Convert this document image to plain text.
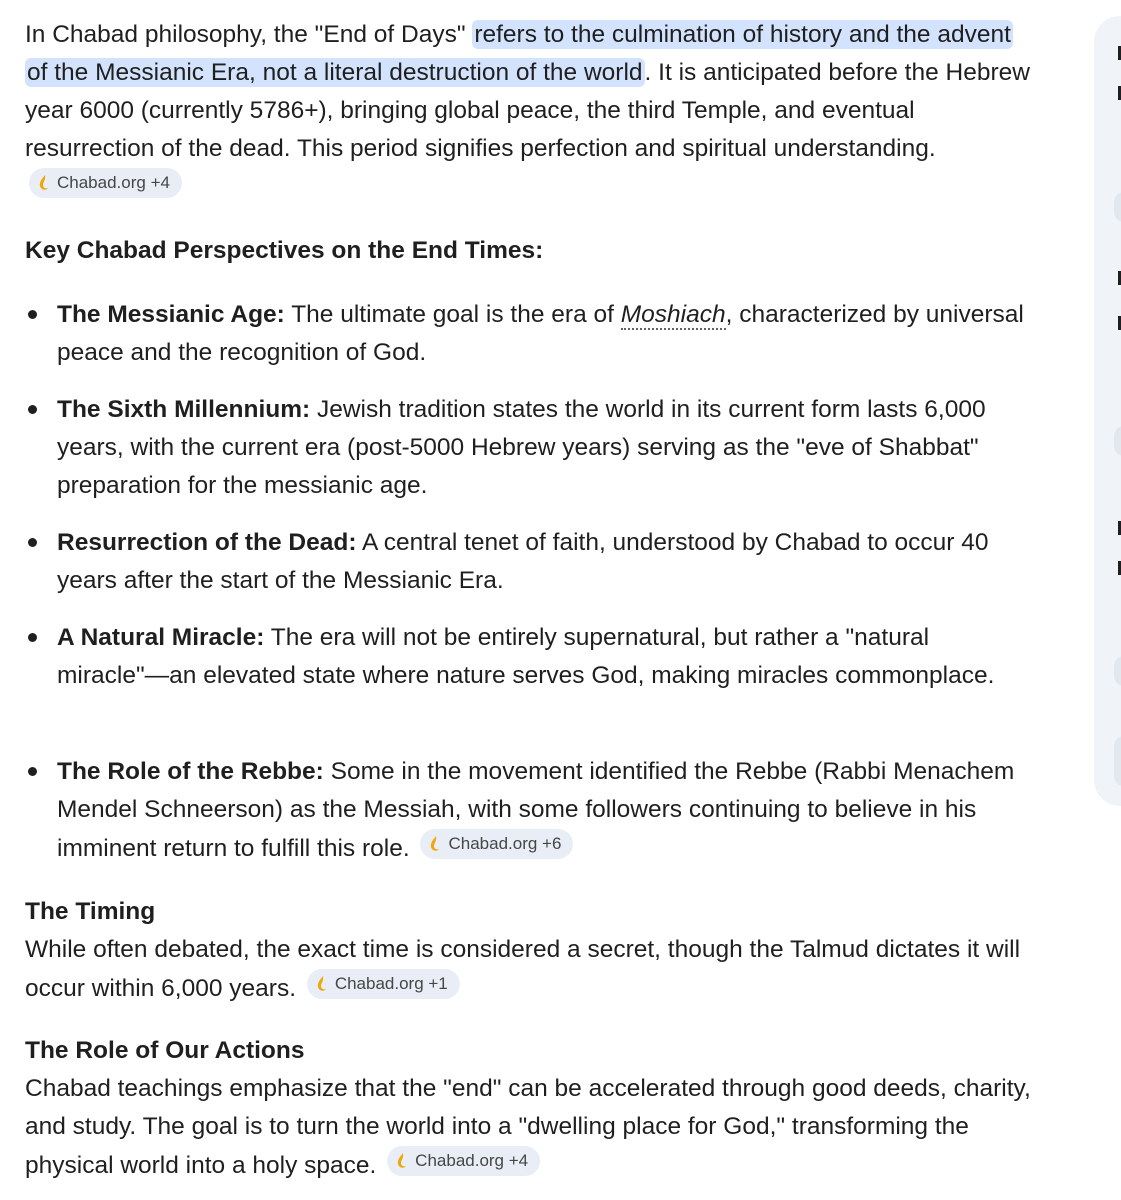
In Chabad philosophy, the "End of Days" refers to the culmination of history and the advent of the Messianic Era, not a literal destruction of the world. It is anticipated before the Hebrew year 6000 (currently 5786+), bringing global peace, the third Temple, and eventual resurrection of the dead. This period signifies perfection and spiritual understanding.
Chabad.org +4

Key Chabad Perspectives on the End Times:
The Messianic Age: The ultimate goal is the era of Moshiach, characterized by universal peace and the recognition of God.
The Sixth Millennium: Jewish tradition states the world in its current form lasts 6,000 years, with the current era (post-5000 Hebrew years) serving as the "eve of Shabbat" preparation for the messianic age.
Resurrection of the Dead: A central tenet of faith, understood by Chabad to occur 40 years after the start of the Messianic Era.
A Natural Miracle: The era will not be entirely supernatural, but rather a "natural miracle"—an elevated state where nature serves God, making miracles commonplace.
The Role of the Rebbe: Some in the movement identified the Rebbe (Rabbi Menachem Mendel Schneerson) as the Messiah, with some followers continuing to believe in his imminent return to fulfill this role. Chabad.org +6
The Timing

While often debated, the exact time is considered a secret, though the Talmud dictates it will occur within 6,000 years. Chabad.org +1

The Role of Our Actions

Chabad teachings emphasize that the "end" can be accelerated through good deeds, charity, and study. The goal is to turn the world into a "dwelling place for God," transforming the physical world into a holy space. Chabad.org +4
